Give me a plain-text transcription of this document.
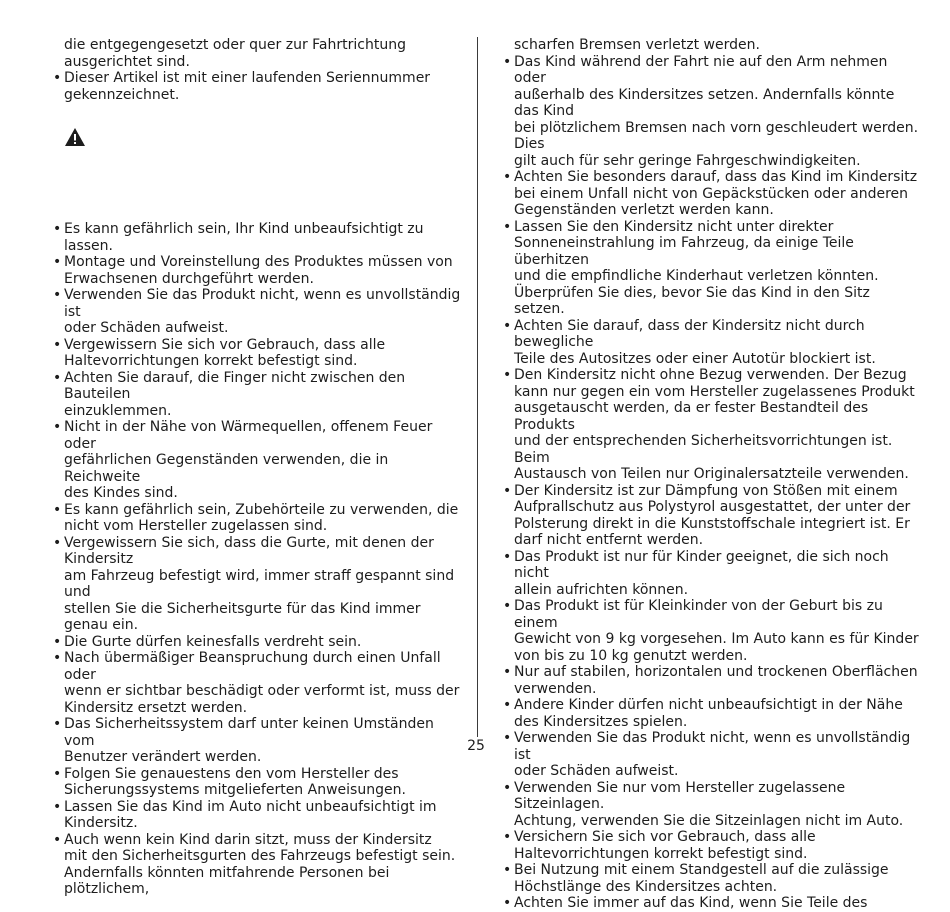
die entgegengesetzt oder quer zur Fahrtrichtung
ausgerichtet sind.
• Dieser Artikel ist mit einer laufenden Seriennummer
gekennzeichnet.
• Es kann gefährlich sein, Ihr Kind unbeaufsichtigt zu lassen.
• Montage und Voreinstellung des Produktes müssen von
Erwachsenen durchgeführt werden.
• Verwenden Sie das Produkt nicht, wenn es unvollständig ist
oder Schäden aufweist.
• Vergewissern Sie sich vor Gebrauch, dass alle
Haltevorrichtungen korrekt befestigt sind.
• Achten Sie darauf, die Finger nicht zwischen den Bauteilen
einzuklemmen.
• Nicht in der Nähe von Wärmequellen, offenem Feuer oder
gefährlichen Gegenständen verwenden, die in Reichweite
des Kindes sind.
• Es kann gefährlich sein, Zubehörteile zu verwenden, die
nicht vom Hersteller zugelassen sind.
• Vergewissern Sie sich, dass die Gurte, mit denen der Kindersitz
am Fahrzeug befestigt wird, immer straff gespannt sind und
stellen Sie die Sicherheitsgurte für das Kind immer genau ein.
• Die Gurte dürfen keinesfalls verdreht sein.
• Nach übermäßiger Beanspruchung durch einen Unfall oder
wenn er sichtbar beschädigt oder verformt ist, muss der
Kindersitz ersetzt werden.
• Das Sicherheitssystem darf unter keinen Umständen vom
Benutzer verändert werden.
• Folgen Sie genauestens den vom Hersteller des
Sicherungssystems mitgelieferten Anweisungen.
• Lassen Sie das Kind im Auto nicht unbeaufsichtigt im
Kindersitz.
• Auch wenn kein Kind darin sitzt, muss der Kindersitz
mit den Sicherheitsgurten des Fahrzeugs befestigt sein.
Andernfalls könnten mitfahrende Personen bei plötzlichem,
scharfen Bremsen verletzt werden.
• Das Kind während der Fahrt nie auf den Arm nehmen oder
außerhalb des Kindersitzes setzen. Andernfalls könnte das Kind
bei plötzlichem Bremsen nach vorn geschleudert werden. Dies
gilt auch für sehr geringe Fahrgeschwindigkeiten.
• Achten Sie besonders darauf, dass das Kind im Kindersitz
bei einem Unfall nicht von Gepäckstücken oder anderen
Gegenständen verletzt werden kann.
• Lassen Sie den Kindersitz nicht unter direkter
Sonneneinstrahlung im Fahrzeug, da einige Teile überhitzen
und die empfindliche Kinderhaut verletzen könnten.
Überprüfen Sie dies, bevor Sie das Kind in den Sitz setzen.
• Achten Sie darauf, dass der Kindersitz nicht durch bewegliche
Teile des Autositzes oder einer Autotür blockiert ist.
• Den Kindersitz nicht ohne Bezug verwenden. Der Bezug
kann nur gegen ein vom Hersteller zugelassenes Produkt
ausgetauscht werden, da er fester Bestandteil des Produkts
und der entsprechenden Sicherheitsvorrichtungen ist. Beim
Austausch von Teilen nur Originalersatzteile verwenden.
• Der Kindersitz ist zur Dämpfung von Stößen mit einem
Aufprallschutz aus Polystyrol ausgestattet, der unter der
Polsterung direkt in die Kunststoffschale integriert ist. Er
darf nicht entfernt werden.
• Das Produkt ist nur für Kinder geeignet, die sich noch nicht
allein aufrichten können.
• Das Produkt ist für Kleinkinder von der Geburt bis zu einem
Gewicht von 9 kg vorgesehen. Im Auto kann es für Kinder
von bis zu 10 kg genutzt werden.
• Nur auf stabilen, horizontalen und trockenen Oberflächen
verwenden.
• Andere Kinder dürfen nicht unbeaufsichtigt in der Nähe
des Kindersitzes spielen.
• Verwenden Sie das Produkt nicht, wenn es unvollständig ist
oder Schäden aufweist.
• Verwenden Sie nur vom Hersteller zugelassene Sitzeinlagen.
Achtung, verwenden Sie die Sitzeinlagen nicht im Auto.
• Versichern Sie sich vor Gebrauch, dass alle
Haltevorrichtungen korrekt befestigt sind.
• Bei Nutzung mit einem Standgestell auf die zulässige
Höchstlänge des Kindersitzes achten.
• Achten Sie immer auf das Kind, wenn Sie Teile des
25
